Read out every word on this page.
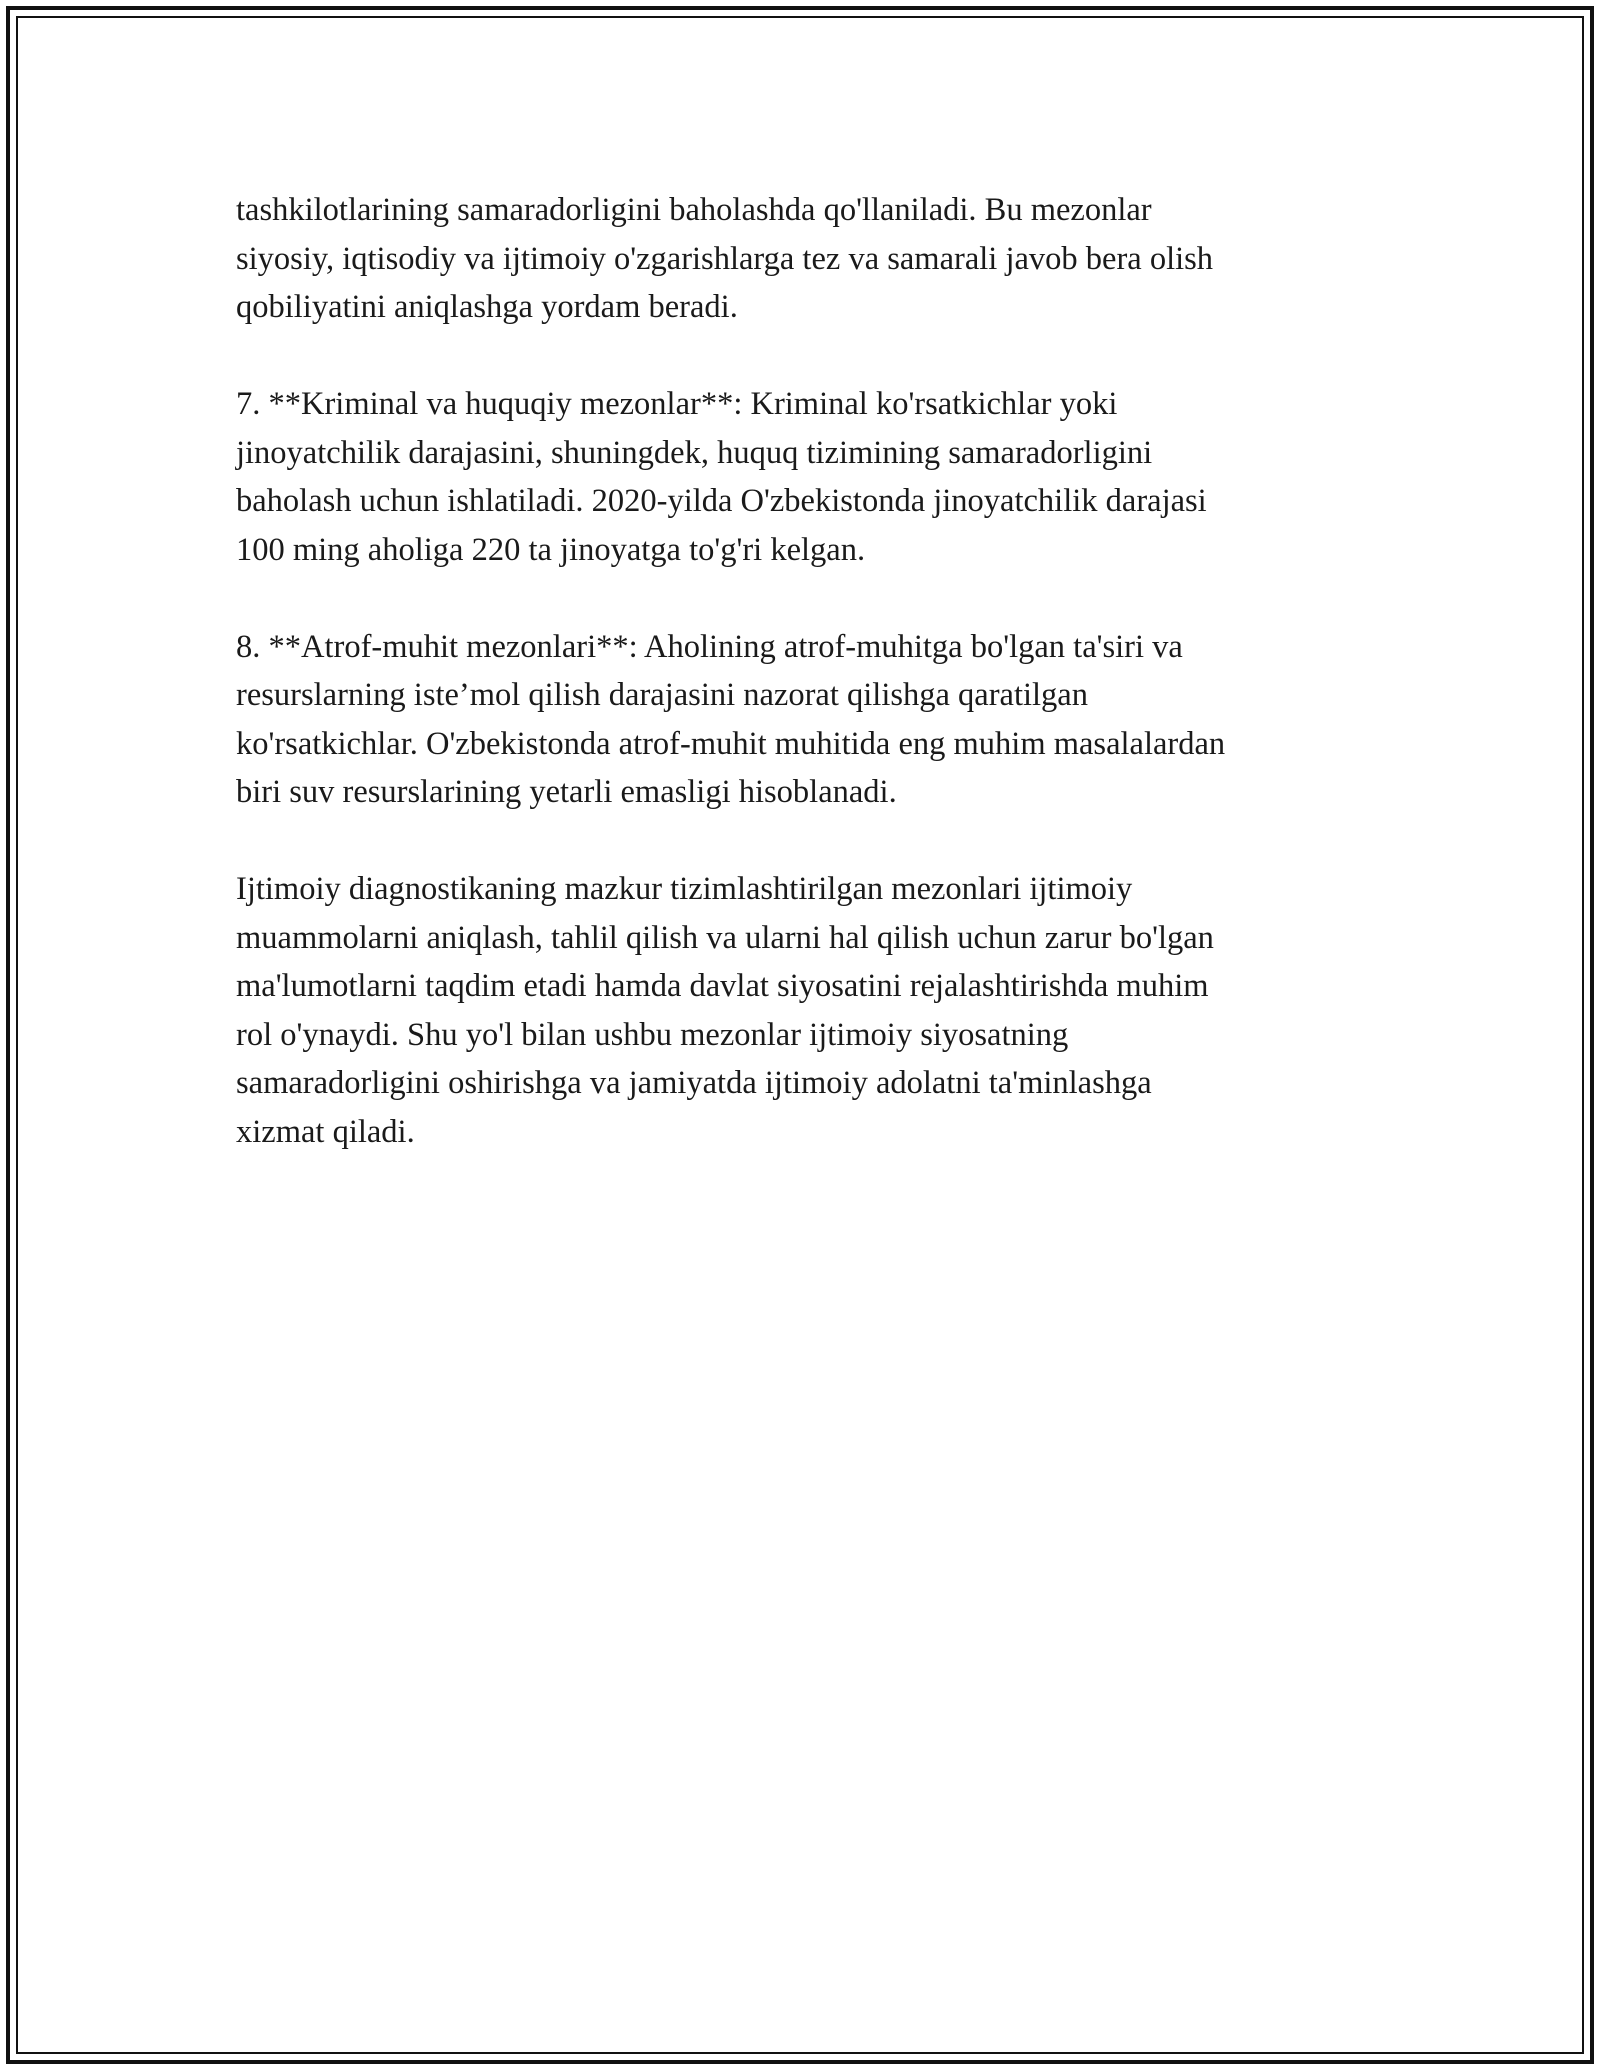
tashkilotlarining samaradorligini baholashda qo'llaniladi. Bu mezonlar
siyosiy, iqtisodiy va ijtimoiy o'zgarishlarga tez va samarali javob bera olish
qobiliyatini aniqlashga yordam beradi.

7. **Kriminal va huquqiy mezonlar**: Kriminal ko'rsatkichlar yoki
jinoyatchilik darajasini, shuningdek, huquq tizimining samaradorligini
baholash uchun ishlatiladi. 2020-yilda O'zbekistonda jinoyatchilik darajasi
100 ming aholiga 220 ta jinoyatga to'g'ri kelgan.

8. **Atrof-muhit mezonlari**: Aholining atrof-muhitga bo'lgan ta'siri va
resurslarning iste’mol qilish darajasini nazorat qilishga qaratilgan
ko'rsatkichlar. O'zbekistonda atrof-muhit muhitida eng muhim masalalardan
biri suv resurslarining yetarli emasligi hisoblanadi.

Ijtimoiy diagnostikaning mazkur tizimlashtirilgan mezonlari ijtimoiy
muammolarni aniqlash, tahlil qilish va ularni hal qilish uchun zarur bo'lgan
ma'lumotlarni taqdim etadi hamda davlat siyosatini rejalashtirishda muhim
rol o'ynaydi. Shu yo'l bilan ushbu mezonlar ijtimoiy siyosatning
samaradorligini oshirishga va jamiyatda ijtimoiy adolatni ta'minlashga
xizmat qiladi.
